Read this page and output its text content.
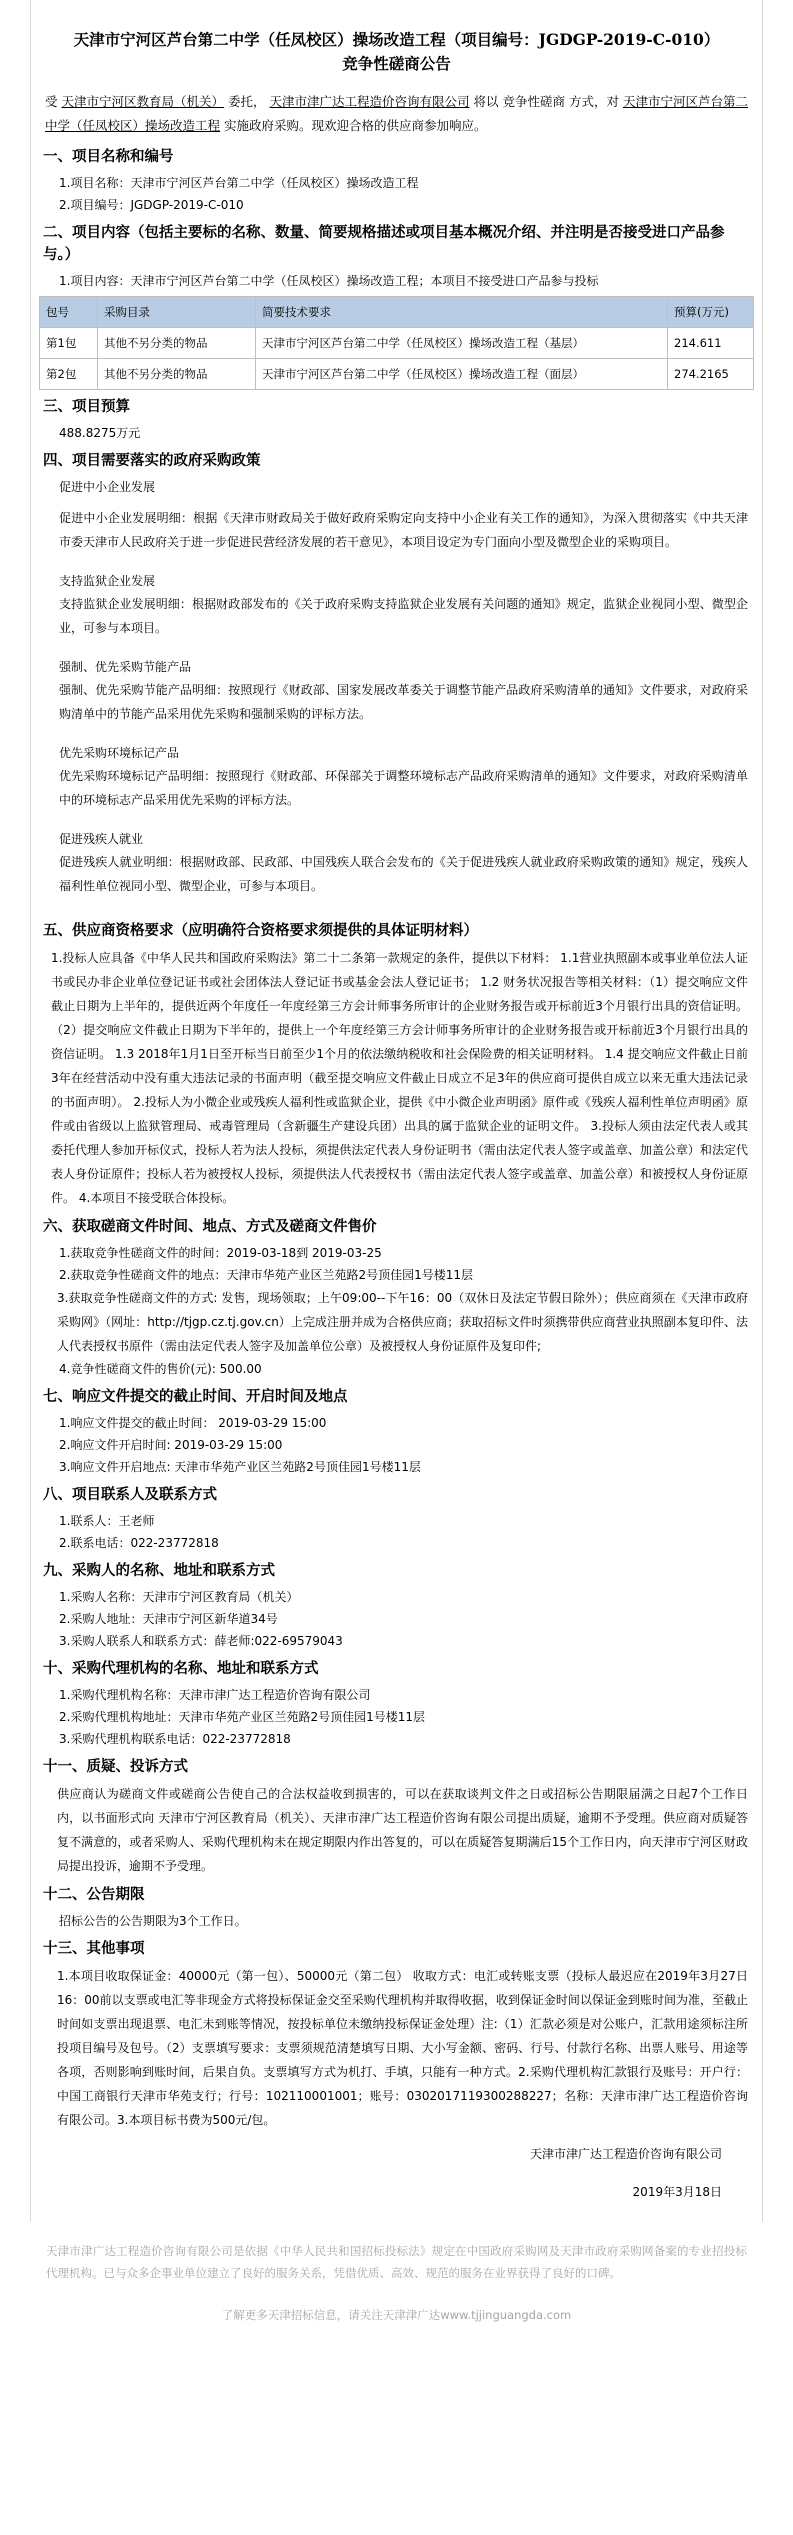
天津市宁河区芦台第二中学（任凤校区）操场改造工程（项目编号：JGDGP-2019-C-010）
竞争性磋商公告
受 天津市宁河区教育局（机关） 委托， 天津市津广达工程造价咨询有限公司 将以 竞争性磋商 方式，对 天津市宁河区芦台第二中学（任凤校区）操场改造工程 实施政府采购。现欢迎合格的供应商参加响应。
一、项目名称和编号
1.项目名称：天津市宁河区芦台第二中学（任凤校区）操场改造工程
2.项目编号：JGDGP-2019-C-010
二、项目内容（包括主要标的名称、数量、简要规格描述或项目基本概况介绍、并注明是否接受进口产品参与。）
1.项目内容：天津市宁河区芦台第二中学（任凤校区）操场改造工程；本项目不接受进口产品参与投标
包号	采购目录	简要技术要求	预算(万元)
第1包	其他不另分类的物品	天津市宁河区芦台第二中学（任凤校区）操场改造工程（基层）	214.611
第2包	其他不另分类的物品	天津市宁河区芦台第二中学（任凤校区）操场改造工程（面层）	274.2165
三、项目预算
488.8275万元
四、项目需要落实的政府采购政策
促进中小企业发展
促进中小企业发展明细：根据《天津市财政局关于做好政府采购定向支持中小企业有关工作的通知》，为深入贯彻落实《中共天津市委天津市人民政府关于进一步促进民营经济发展的若干意见》，本项目设定为专门面向小型及微型企业的采购项目。
支持监狱企业发展
支持监狱企业发展明细：根据财政部发布的《关于政府采购支持监狱企业发展有关问题的通知》规定，监狱企业视同小型、微型企业，可参与本项目。
强制、优先采购节能产品
强制、优先采购节能产品明细：按照现行《财政部、国家发展改革委关于调整节能产品政府采购清单的通知》文件要求，对政府采购清单中的节能产品采用优先采购和强制采购的评标方法。
优先采购环境标记产品
优先采购环境标记产品明细：按照现行《财政部、环保部关于调整环境标志产品政府采购清单的通知》文件要求，对政府采购清单中的环境标志产品采用优先采购的评标方法。
促进残疾人就业
促进残疾人就业明细：根据财政部、民政部、中国残疾人联合会发布的《关于促进残疾人就业政府采购政策的通知》规定，残疾人福利性单位视同小型、微型企业，可参与本项目。
五、供应商资格要求（应明确符合资格要求须提供的具体证明材料）
1.投标人应具备《中华人民共和国政府采购法》第二十二条第一款规定的条件，提供以下材料： 1.1营业执照副本或事业单位法人证书或民办非企业单位登记证书或社会团体法人登记证书或基金会法人登记证书； 1.2 财务状况报告等相关材料：（1）提交响应文件截止日期为上半年的，提供近两个年度任一年度经第三方会计师事务所审计的企业财务报告或开标前近3个月银行出具的资信证明。（2）提交响应文件截止日期为下半年的，提供上一个年度经第三方会计师事务所审计的企业财务报告或开标前近3个月银行出具的资信证明。 1.3 2018年1月1日至开标当日前至少1个月的依法缴纳税收和社会保险费的相关证明材料。 1.4 提交响应文件截止日前3年在经营活动中没有重大违法记录的书面声明（截至提交响应文件截止日成立不足3年的供应商可提供自成立以来无重大违法记录的书面声明）。 2.投标人为小微企业或残疾人福利性或监狱企业，提供《中小微企业声明函》原件或《残疾人福利性单位声明函》原件或由省级以上监狱管理局、戒毒管理局（含新疆生产建设兵团）出具的属于监狱企业的证明文件。 3.投标人须由法定代表人或其委托代理人参加开标仪式，投标人若为法人投标，须提供法定代表人身份证明书（需由法定代表人签字或盖章、加盖公章）和法定代表人身份证原件；投标人若为被授权人投标，须提供法人代表授权书（需由法定代表人签字或盖章、加盖公章）和被授权人身份证原件。 4.本项目不接受联合体投标。
六、获取磋商文件时间、地点、方式及磋商文件售价
1.获取竞争性磋商文件的时间：2019-03-18到 2019-03-25
2.获取竞争性磋商文件的地点：天津市华苑产业区兰苑路2号顶佳园1号楼11层
3.获取竞争性磋商文件的方式: 发售，现场领取；上午09:00--下午16：00（双休日及法定节假日除外）；供应商须在《天津市政府采购网》（网址：http://tjgp.cz.tj.gov.cn）上完成注册并成为合格供应商；获取招标文件时须携带供应商营业执照副本复印件、法人代表授权书原件（需由法定代表人签字及加盖单位公章）及被授权人身份证原件及复印件;
4.竞争性磋商文件的售价(元): 500.00
七、响应文件提交的截止时间、开启时间及地点
1.响应文件提交的截止时间： 2019-03-29 15:00
2.响应文件开启时间: 2019-03-29 15:00
3.响应文件开启地点: 天津市华苑产业区兰苑路2号顶佳园1号楼11层
八、项目联系人及联系方式
1.联系人：王老师
2.联系电话：022-23772818
九、采购人的名称、地址和联系方式
1.采购人名称：天津市宁河区教育局（机关）
2.采购人地址：天津市宁河区新华道34号
3.采购人联系人和联系方式：薛老师:022-69579043
十、采购代理机构的名称、地址和联系方式
1.采购代理机构名称：天津市津广达工程造价咨询有限公司
2.采购代理机构地址：天津市华苑产业区兰苑路2号顶佳园1号楼11层
3.采购代理机构联系电话：022-23772818
十一、质疑、投诉方式
供应商认为磋商文件或磋商公告使自己的合法权益收到损害的，可以在获取谈判文件之日或招标公告期限届满之日起7个工作日内，以书面形式向 天津市宁河区教育局（机关）、天津市津广达工程造价咨询有限公司提出质疑，逾期不予受理。供应商对质疑答复不满意的，或者采购人、采购代理机构未在规定期限内作出答复的，可以在质疑答复期满后15个工作日内，向天津市宁河区财政局提出投诉，逾期不予受理。
十二、公告期限
招标公告的公告期限为3个工作日。
十三、其他事项
1.本项目收取保证金：40000元（第一包）、50000元（第二包） 收取方式：电汇或转账支票（投标人最迟应在2019年3月27日16：00前以支票或电汇等非现金方式将投标保证金交至采购代理机构并取得收据，收到保证金时间以保证金到账时间为准，至截止时间如支票出现退票、电汇未到账等情况，按投标单位未缴纳投标保证金处理）注:（1）汇款必须是对公账户，汇款用途须标注所投项目编号及包号。（2）支票填写要求：支票须规范清楚填写日期、大小写金额、密码、行号、付款行名称、出票人账号、用途等各项，否则影响到账时间，后果自负。支票填写方式为机打、手填，只能有一种方式。2.采购代理机构汇款银行及账号：开户行：中国工商银行天津市华苑支行；行号：102110001001；账号：0302017119300288227；名称：天津市津广达工程造价咨询有限公司。3.本项目标书费为500元/包。
天津市津广达工程造价咨询有限公司
2019年3月18日
天津市津广达工程造价咨询有限公司是依据《中华人民共和国招标投标法》规定在中国政府采购网及天津市政府采购网备案的专业招投标代理机构。已与众多企事业单位建立了良好的服务关系，凭借优质、高效、规范的服务在业界获得了良好的口碑。
了解更多天津招标信息，请关注天津津广达www.tjjinguangda.com
